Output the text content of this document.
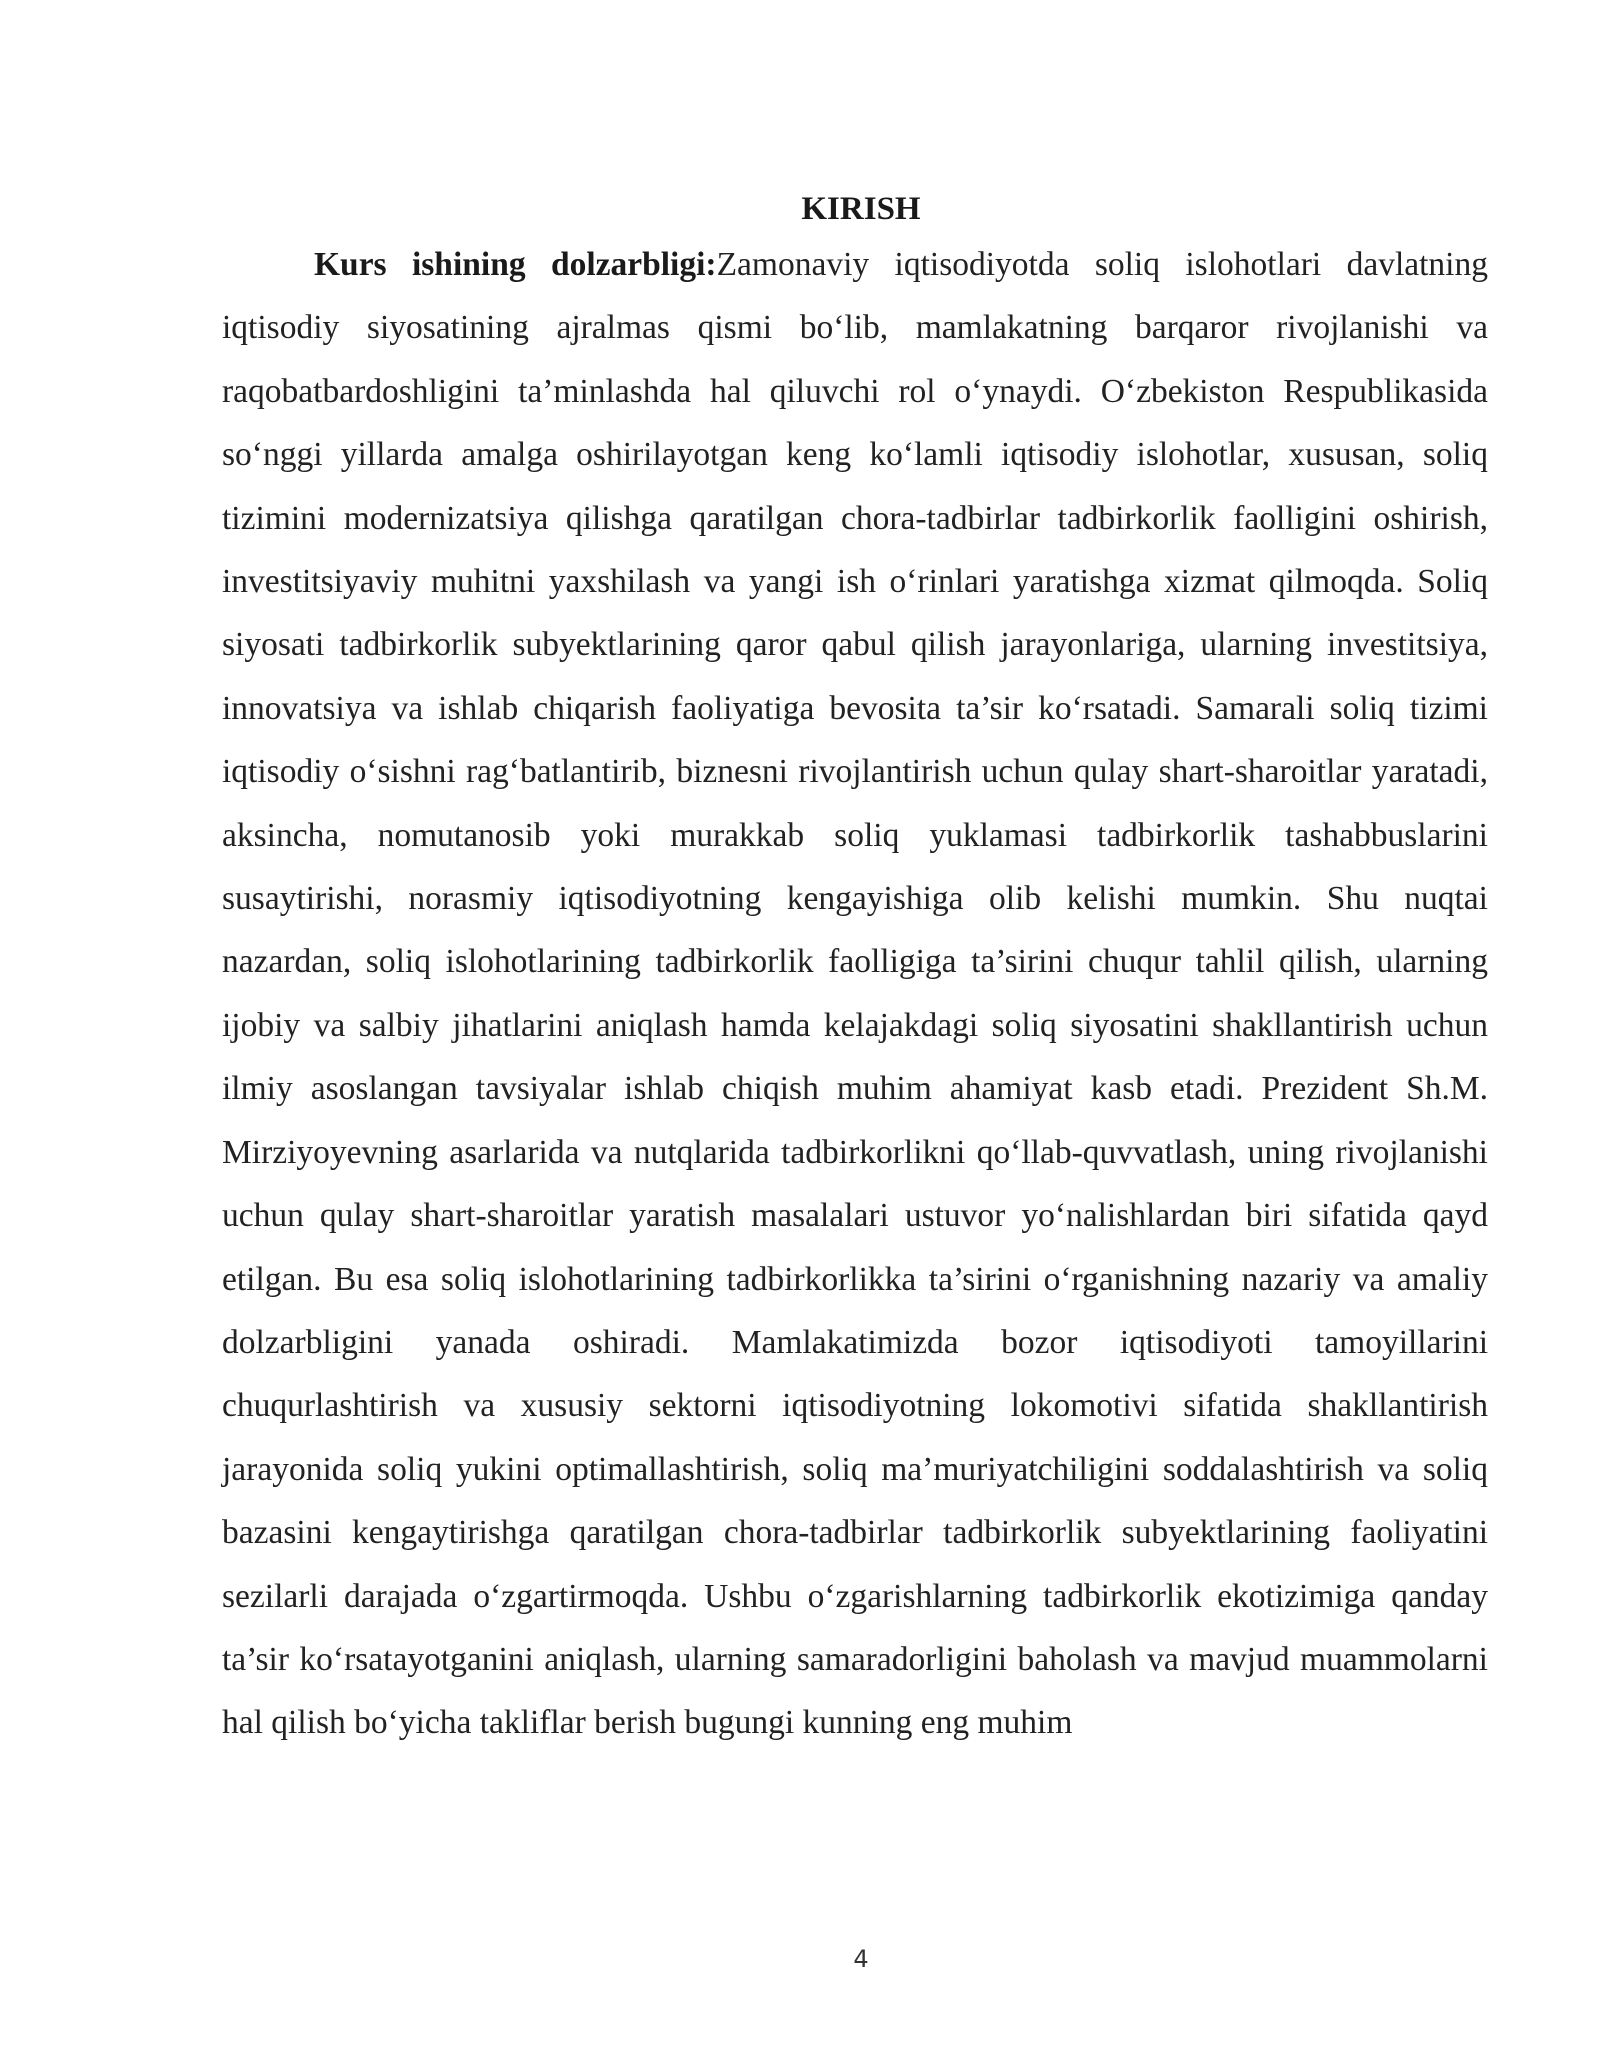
KIRISH

Kurs ishining dolzarbligi:Zamonaviy iqtisodiyotda soliq islohotlari davlatning iqtisodiy siyosatining ajralmas qismi bo‘lib, mamlakatning barqaror rivojlanishi va raqobatbardoshligini ta’minlashda hal qiluvchi rol o‘ynaydi. O‘zbekiston Respublikasida so‘nggi yillarda amalga oshirilayotgan keng ko‘lamli iqtisodiy islohotlar, xususan, soliq tizimini modernizatsiya qilishga qaratilgan chora-tadbirlar tadbirkorlik faolligini oshirish, investitsiyaviy muhitni yaxshilash va yangi ish o‘rinlari yaratishga xizmat qilmoqda. Soliq siyosati tadbirkorlik subyektlarining qaror qabul qilish jarayonlariga, ularning investitsiya, innovatsiya va ishlab chiqarish faoliyatiga bevosita ta’sir ko‘rsatadi. Samarali soliq tizimi iqtisodiy o‘sishni rag‘batlantirib, biznesni rivojlantirish uchun qulay shart-sharoitlar yaratadi, aksincha, nomutanosib yoki murakkab soliq yuklamasi tadbirkorlik tashabbuslarini susaytirishi, norasmiy iqtisodiyotning kengayishiga olib kelishi mumkin. Shu nuqtai nazardan, soliq islohotlarining tadbirkorlik faolligiga ta’sirini chuqur tahlil qilish, ularning ijobiy va salbiy jihatlarini aniqlash hamda kelajakdagi soliq siyosatini shakllantirish uchun ilmiy asoslangan tavsiyalar ishlab chiqish muhim ahamiyat kasb etadi. Prezident Sh.M. Mirziyoyevning asarlarida va nutqlarida tadbirkorlikni qo‘llab-quvvatlash, uning rivojlanishi uchun qulay shart-sharoitlar yaratish masalalari ustuvor yo‘nalishlardan biri sifatida qayd etilgan. Bu esa soliq islohotlarining tadbirkorlikka ta’sirini o‘rganishning nazariy va amaliy dolzarbligini yanada oshiradi. Mamlakatimizda bozor iqtisodiyoti tamoyillarini chuqurlashtirish va xususiy sektorni iqtisodiyotning lokomotivi sifatida shakllantirish jarayonida soliq yukini optimallashtirish, soliq ma’muriyatchiligini soddalashtirish va soliq bazasini kengaytirishga qaratilgan chora-tadbirlar tadbirkorlik subyektlarining faoliyatini sezilarli darajada o‘zgartirmoqda. Ushbu o‘zgarishlarning tadbirkorlik ekotizimiga qanday ta’sir ko‘rsatayotganini aniqlash, ularning samaradorligini baholash va mavjud muammolarni hal qilish bo‘yicha takliflar berish bugungi kunning eng muhim

4
